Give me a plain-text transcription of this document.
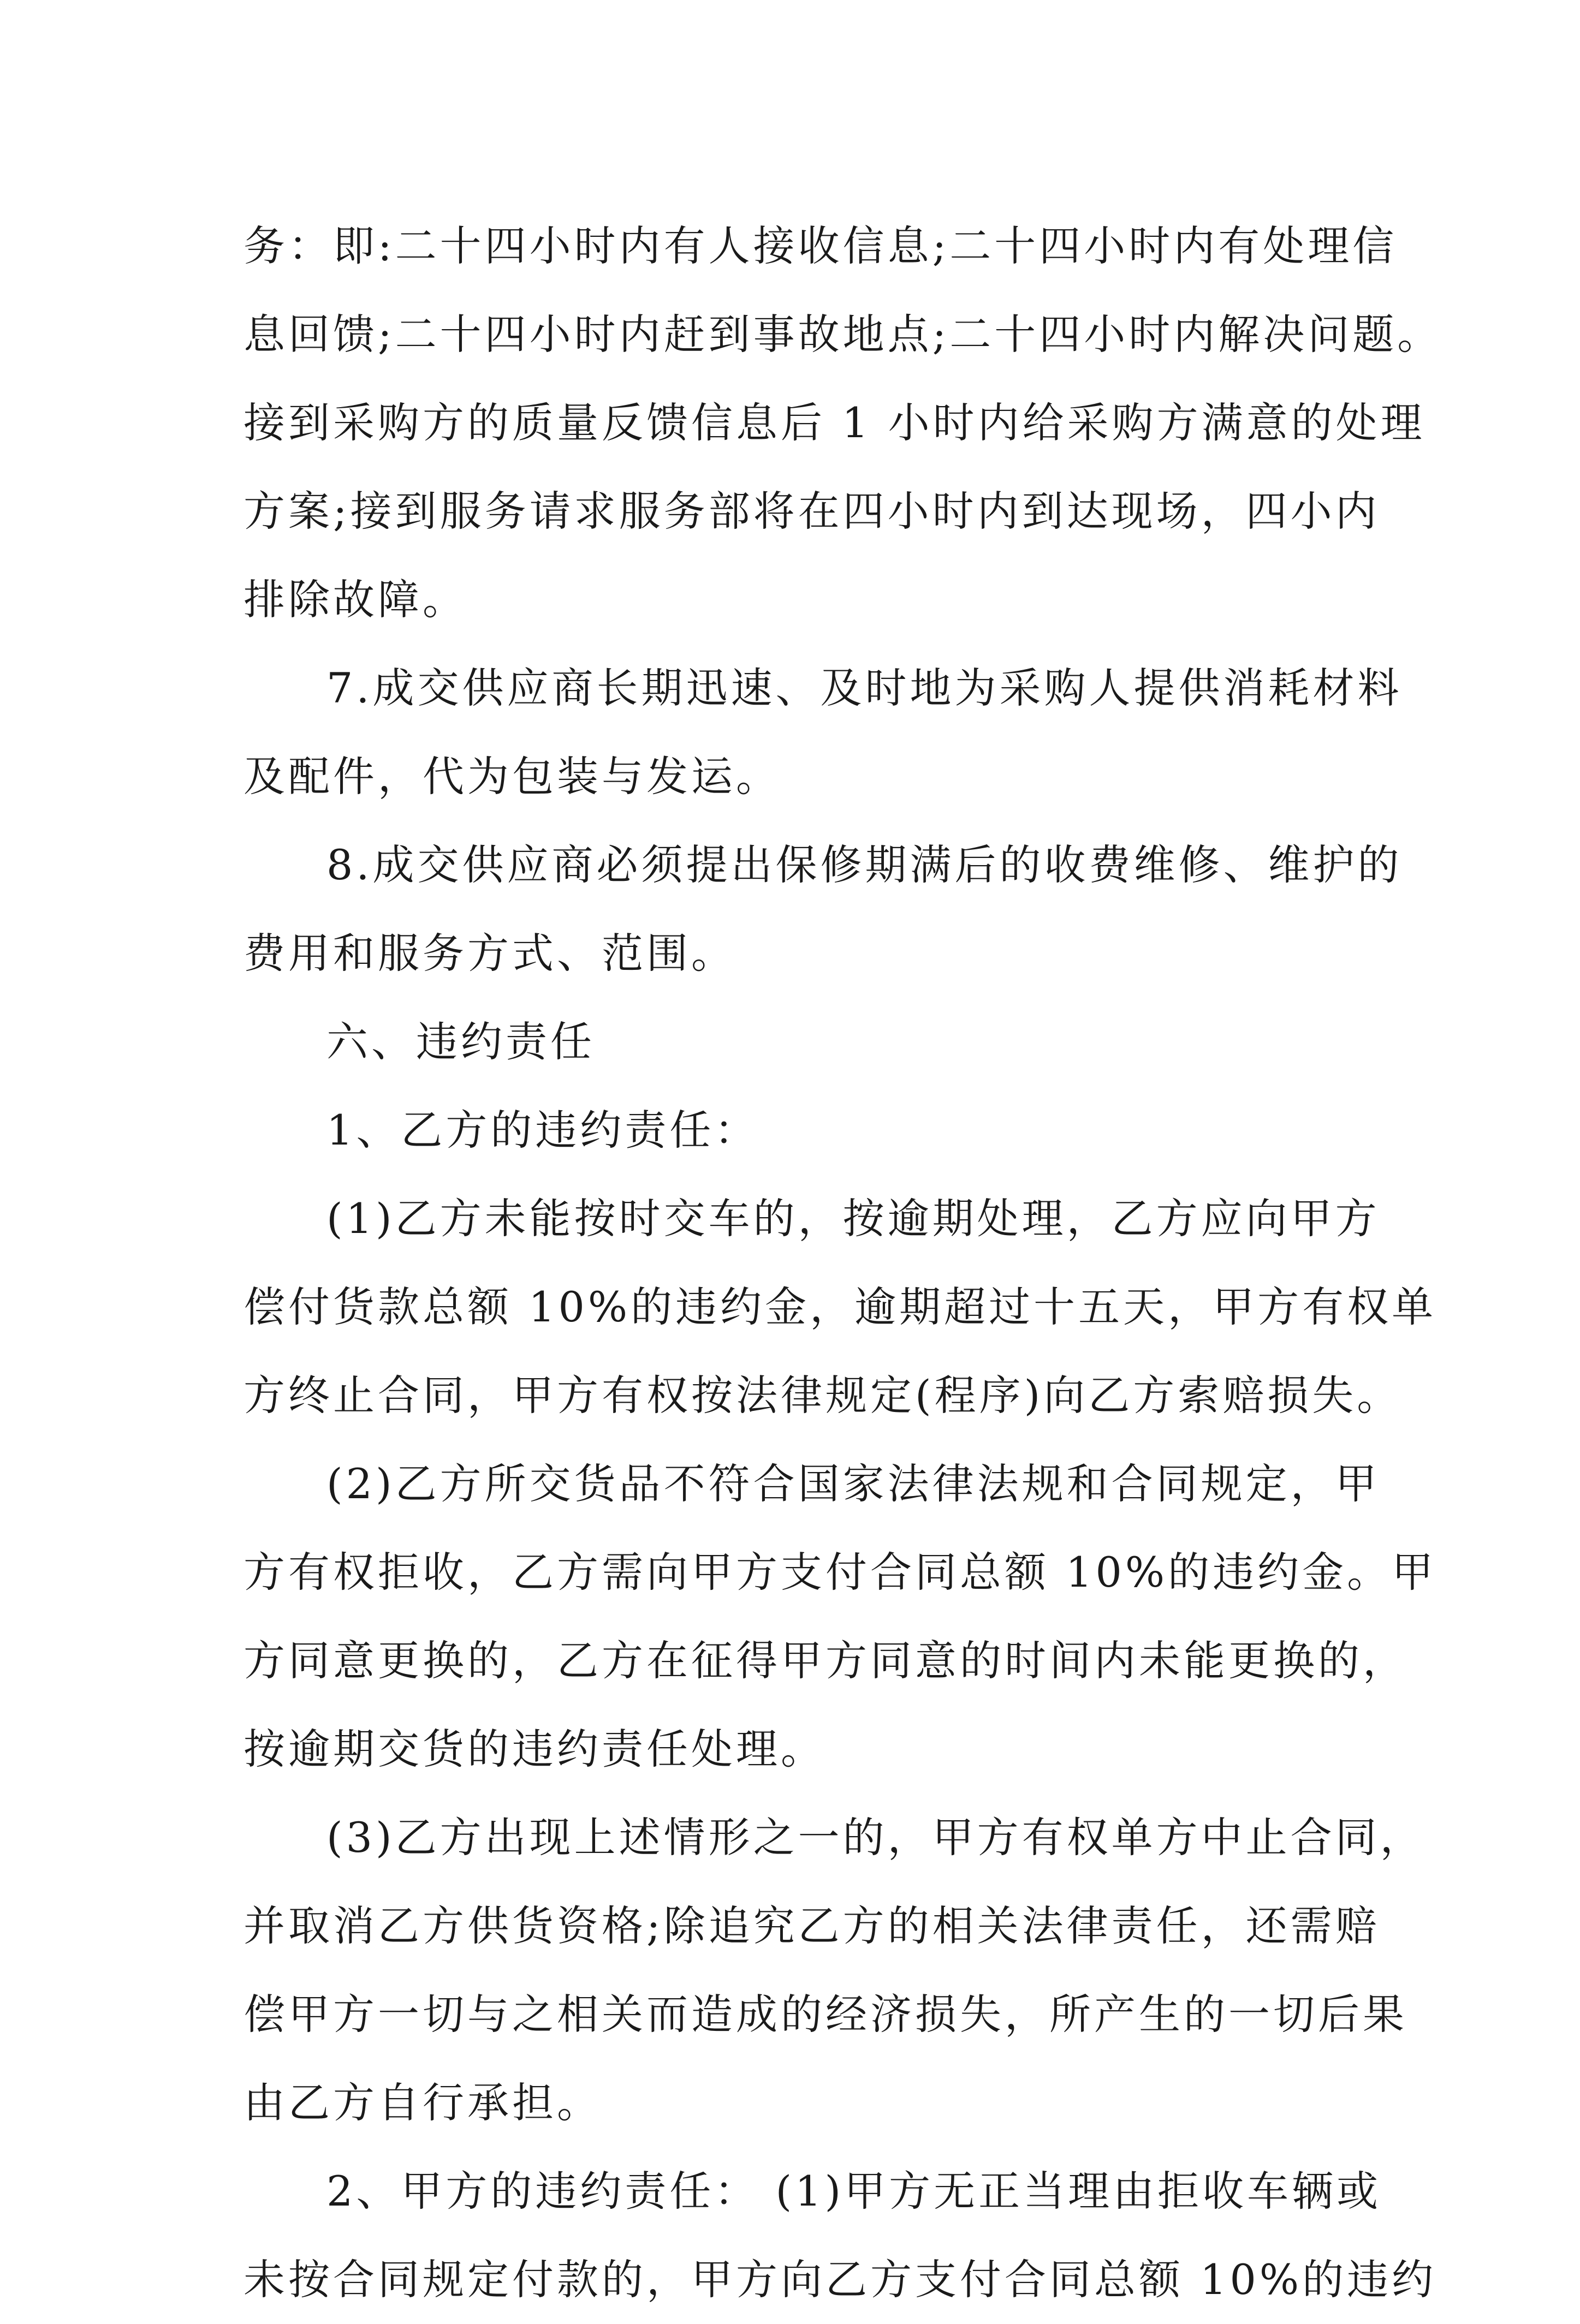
务：即:二十四小时内有人接收信息;二十四小时内有处理信
息回馈;二十四小时内赶到事故地点;二十四小时内解决问题。
接到采购方的质量反馈信息后 1 小时内给采购方满意的处理
方案;接到服务请求服务部将在四小时内到达现场，四小内
排除故障。
7.成交供应商长期迅速、及时地为采购人提供消耗材料
及配件，代为包装与发运。
8.成交供应商必须提出保修期满后的收费维修、维护的
费用和服务方式、范围。
六、违约责任
1、乙方的违约责任：
(1)乙方未能按时交车的，按逾期处理，乙方应向甲方
偿付货款总额 10%的违约金，逾期超过十五天，甲方有权单
方终止合同，甲方有权按法律规定(程序)向乙方索赔损失。
(2)乙方所交货品不符合国家法律法规和合同规定，甲
方有权拒收，乙方需向甲方支付合同总额 10%的违约金。甲
方同意更换的，乙方在征得甲方同意的时间内未能更换的，
按逾期交货的违约责任处理。
(3)乙方出现上述情形之一的，甲方有权单方中止合同，
并取消乙方供货资格;除追究乙方的相关法律责任，还需赔
偿甲方一切与之相关而造成的经济损失，所产生的一切后果
由乙方自行承担。
2、甲方的违约责任： (1)甲方无正当理由拒收车辆或
未按合同规定付款的，甲方向乙方支付合同总额 10%的违约
